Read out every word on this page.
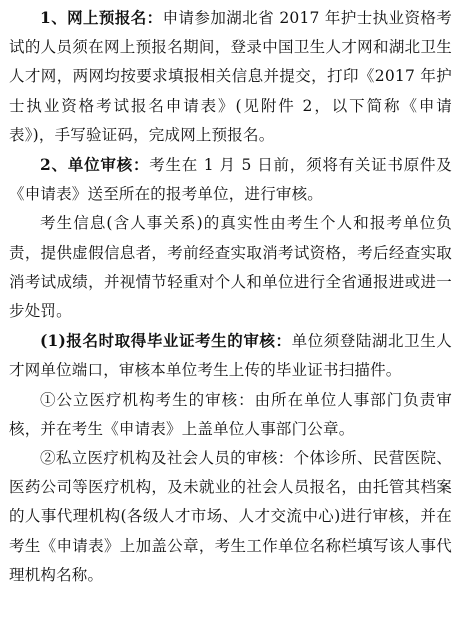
1、网上预报名：申请参加湖北省 2017 年护士执业资格考试的人员须在网上预报名期间，登录中国卫生人才网和湖北卫生人才网，两网均按要求填报相关信息并提交，打印《2017 年护士执业资格考试报名申请表》(见附件 2，以下简称《申请表》)，手写验证码，完成网上预报名。

2、单位审核：考生在 1 月 5 日前，须将有关证书原件及《申请表》送至所在的报考单位，进行审核。

考生信息(含人事关系)的真实性由考生个人和报考单位负责，提供虚假信息者，考前经查实取消考试资格，考后经查实取消考试成绩，并视情节轻重对个人和单位进行全省通报进或进一步处罚。

(1)报名时取得毕业证考生的审核：单位须登陆湖北卫生人才网单位端口，审核本单位考生上传的毕业证书扫描件。

①公立医疗机构考生的审核：由所在单位人事部门负责审核，并在考生《申请表》上盖单位人事部门公章。

②私立医疗机构及社会人员的审核：个体诊所、民营医院、医药公司等医疗机构，及未就业的社会人员报名，由托管其档案的人事代理机构(各级人才市场、人才交流中心)进行审核，并在考生《申请表》上加盖公章，考生工作单位名称栏填写该人事代理机构名称。
